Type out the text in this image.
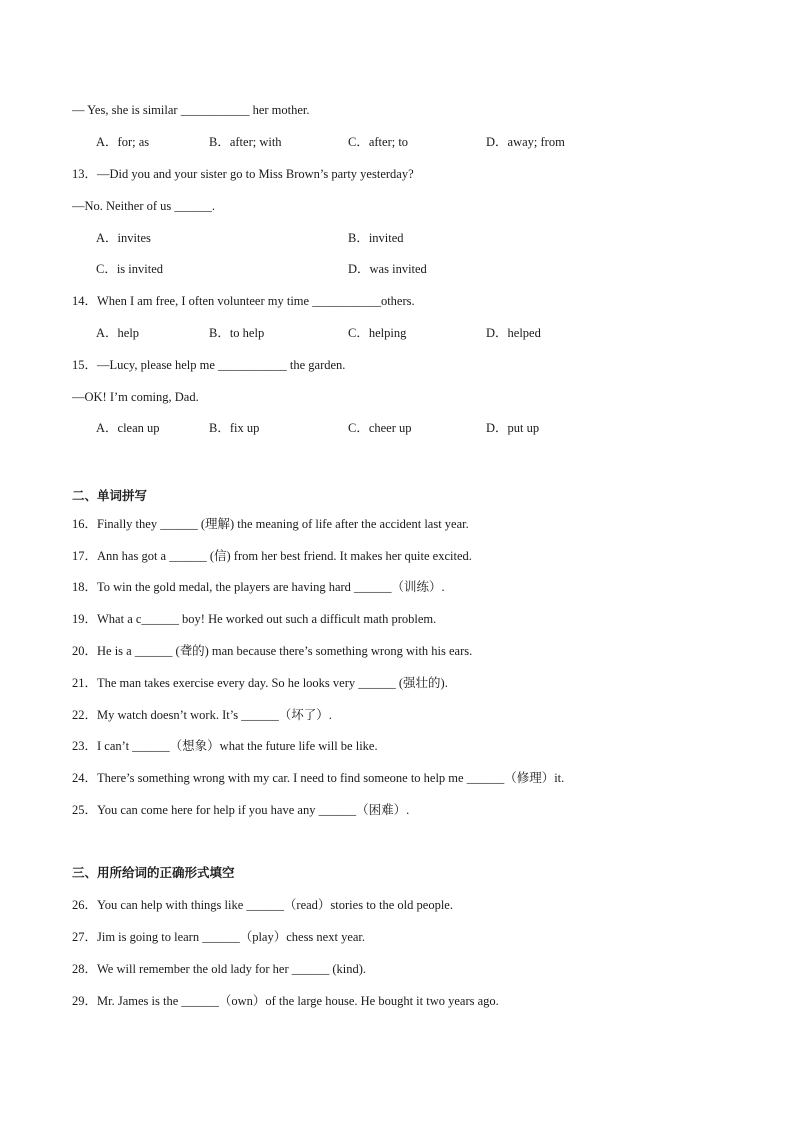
— Yes, she is similar ___________ her mother.
A．for; as	B．after; with	C．after; to	D．away; from
13．—Did you and your sister go to Miss Brown’s party yesterday?
—No. Neither of us ______.
A．invites	B．invited
C．is invited	D．was invited
14．When I am free, I often volunteer my time ___________others.
A．help	B．to help	C．helping	D．helped
15．—Lucy, please help me ___________ the garden.
—OK! I’m coming, Dad.
A．clean up	B．fix up	C．cheer up	D．put up
二、单词拼写
16．Finally they ______ (理解) the meaning of life after the accident last year.
17．Ann has got a ______ (信) from her best friend. It makes her quite excited.
18．To win the gold medal, the players are having hard ______（训练）.
19．What a c______ boy! He worked out such a difficult math problem.
20．He is a ______ (聋的) man because there’s something wrong with his ears.
21．The man takes exercise every day. So he looks very ______ (强壮的).
22．My watch doesn’t work. It’s ______（坏了）.
23．I can’t ______（想象）what the future life will be like.
24．There’s something wrong with my car. I need to find someone to help me ______（修理）it.
25．You can come here for help if you have any ______（困难）.
三、用所给词的正确形式填空
26．You can help with things like ______（read）stories to the old people.
27．Jim is going to learn ______（play）chess next year.
28．We will remember the old lady for her ______ (kind).
29．Mr. James is the ______（own）of the large house. He bought it two years ago.
